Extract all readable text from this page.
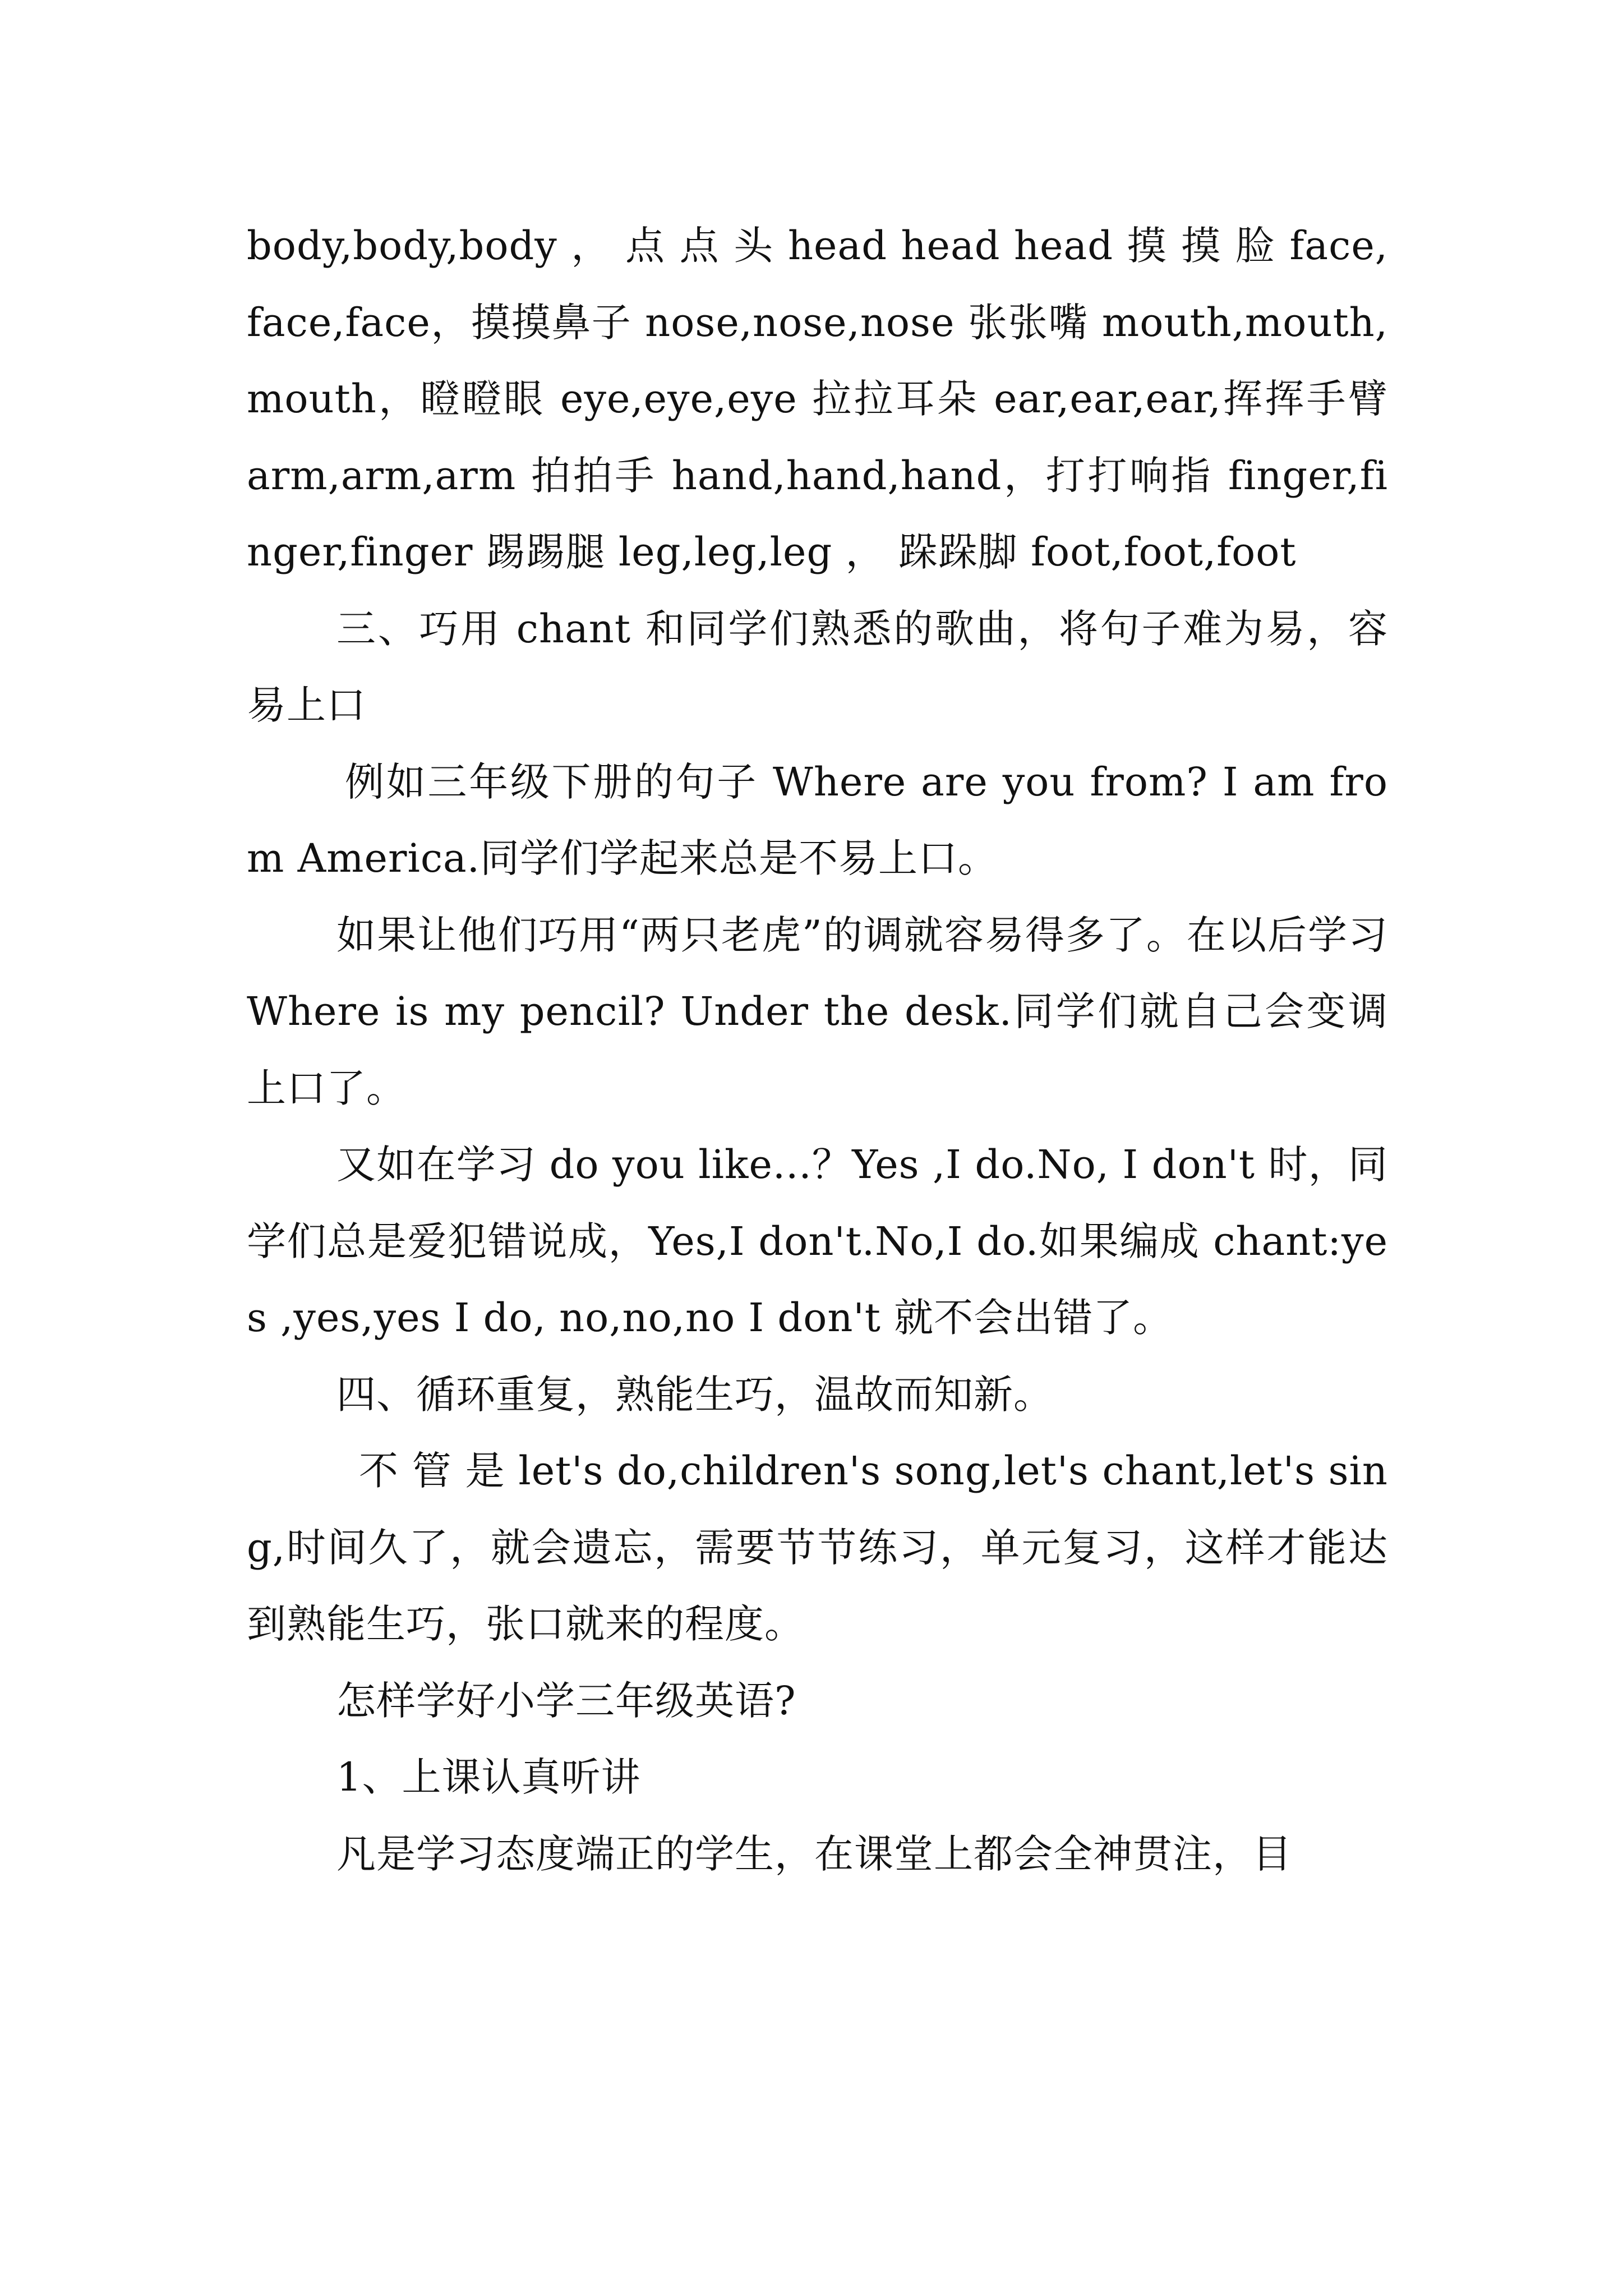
body,body,body ， 点 点 头 head head head 摸 摸 脸 face,face,face，摸摸鼻子 nose,nose,nose 张张嘴 mouth,mouth,mouth，瞪瞪眼 eye,eye,eye 拉拉耳朵 ear,ear,ear,挥挥手臂 arm,arm,arm 拍拍手 hand,hand,hand，打打响指 finger,finger,finger 踢踢腿 leg,leg,leg ， 跺跺脚 foot,foot,foot

三、巧用 chant 和同学们熟悉的歌曲，将句子难为易，容易上口

例如三年级下册的句子 Where are you from? I am from America.同学们学起来总是不易上口。

如果让他们巧用“两只老虎”的调就容易得多了。在以后学习 Where is my pencil? Under the desk.同学们就自己会变调上口了。

又如在学习 do you like...？Yes ,I do.No, I don't 时，同学们总是爱犯错说成，Yes,I don't.No,I do.如果编成 chant:yes ,yes,yes I do, no,no,no I don't 就不会出错了。

四、循环重复，熟能生巧，温故而知新。

不 管 是 let's do,children's song,let's chant,let's sing,时间久了，就会遗忘，需要节节练习，单元复习，这样才能达到熟能生巧，张口就来的程度。

怎样学好小学三年级英语?

1、上课认真听讲

凡是学习态度端正的学生，在课堂上都会全神贯注，目
